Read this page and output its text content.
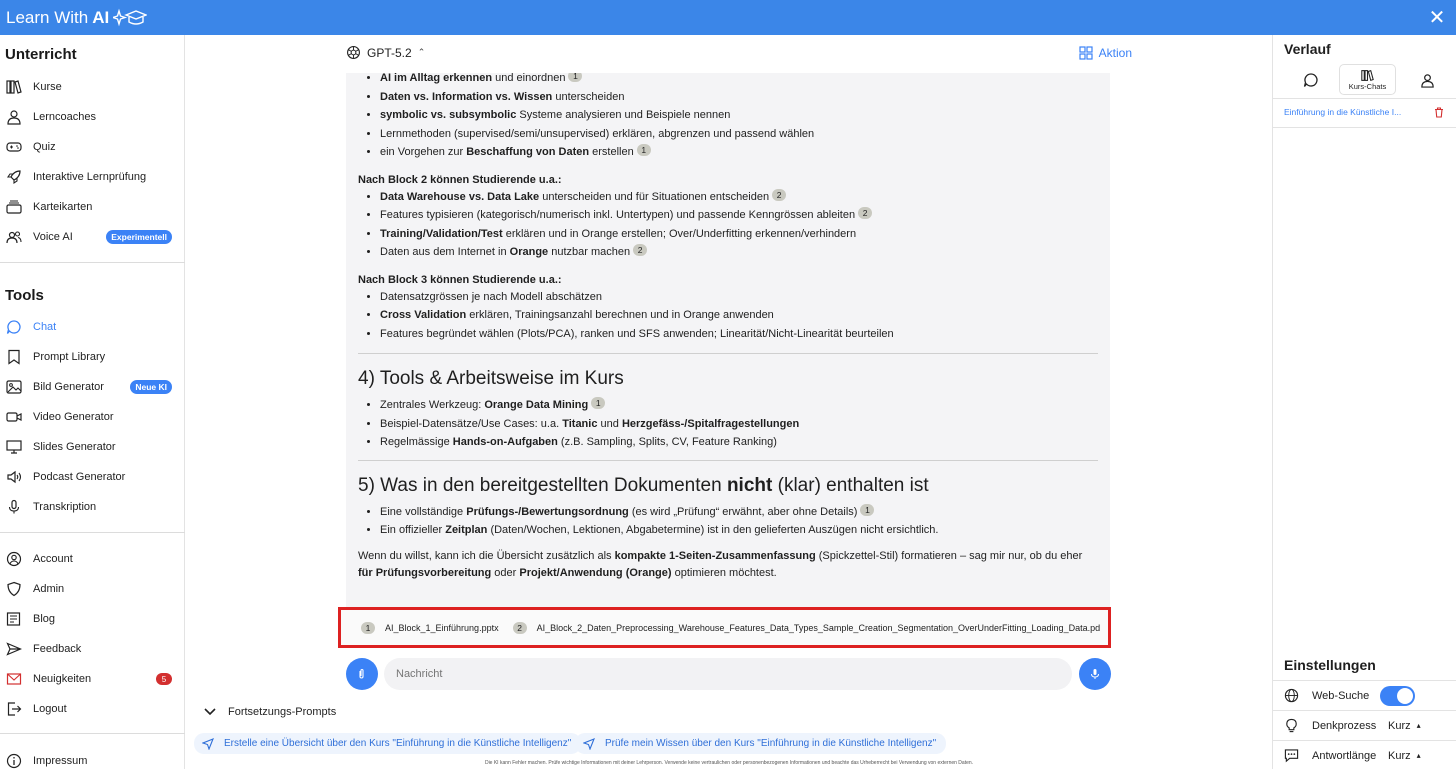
Learn With AI	✕
Unterricht
Kurse
Lerncoaches
Quiz
Interaktive Lernprüfung
Karteikarten
Voice AI	Experimentell
Tools
Chat
Prompt Library
Bild Generator	Neue KI
Video Generator
Slides Generator
Podcast Generator
Transkription
Account
Admin
Blog
Feedback
Neuigkeiten	5
Logout
Impressum
GPT-5.2 ⌃	Aktion
• AI im Alltag erkennen und einordnen 1
• Daten vs. Information vs. Wissen unterscheiden
• symbolic vs. subsymbolic Systeme analysieren und Beispiele nennen
• Lernmethoden (supervised/semi/unsupervised) erklären, abgrenzen und passend wählen
• ein Vorgehen zur Beschaffung von Daten erstellen 1
Nach Block 2 können Studierende u.a.:
• Data Warehouse vs. Data Lake unterscheiden und für Situationen entscheiden 2
• Features typisieren (kategorisch/numerisch inkl. Untertypen) und passende Kenngrössen ableiten 2
• Training/Validation/Test erklären und in Orange erstellen; Over/Underfitting erkennen/verhindern
• Daten aus dem Internet in Orange nutzbar machen 2
Nach Block 3 können Studierende u.a.:
• Datensatzgrössen je nach Modell abschätzen
• Cross Validation erklären, Trainingsanzahl berechnen und in Orange anwenden
• Features begründet wählen (Plots/PCA), ranken und SFS anwenden; Linearität/Nicht-Linearität beurteilen
4) Tools & Arbeitsweise im Kurs
• Zentrales Werkzeug: Orange Data Mining 1
• Beispiel-Datensätze/Use Cases: u.a. Titanic und Herzgefäss-/Spitalfragestellungen
• Regelmässige Hands-on-Aufgaben (z.B. Sampling, Splits, CV, Feature Ranking)
5) Was in den bereitgestellten Dokumenten nicht (klar) enthalten ist
• Eine vollständige Prüfungs-/Bewertungsordnung (es wird „Prüfung“ erwähnt, aber ohne Details) 1
• Ein offizieller Zeitplan (Daten/Wochen, Lektionen, Abgabetermine) ist in den gelieferten Auszügen nicht ersichtlich.

Wenn du willst, kann ich die Übersicht zusätzlich als kompakte 1-Seiten-Zusammenfassung (Spickzettel-Stil) formatieren – sag mir nur, ob du eher für Prüfungsvorbereitung oder Projekt/Anwendung (Orange) optimieren möchtest.

1	AI_Block_1_Einführung.pptx	2	AI_Block_2_Daten_Preprocessing_Warehouse_Features_Data_Types_Sample_Creation_Segmentation_OverUnderFitting_Loading_Data.pd
Nachricht
Fortsetzungs-Prompts
Erstelle eine Übersicht über den Kurs "Einführung in die Künstliche Intelligenz"	Prüfe mein Wissen über den Kurs "Einführung in die Künstliche Intelligenz"
Die KI kann Fehler machen. Prüfe wichtige Informationen mit deiner Lehrperson. Verwende keine vertraulichen oder personenbezogenen Informationen und beachte das Urheberrecht bei Verwendung von externen Daten.
Verlauf
Kurs-Chats
Einführung in die Künstliche I...
Einstellungen
Web-Suche
Denkprozess Kurz ▴

Antwortlänge Kurz ▴
